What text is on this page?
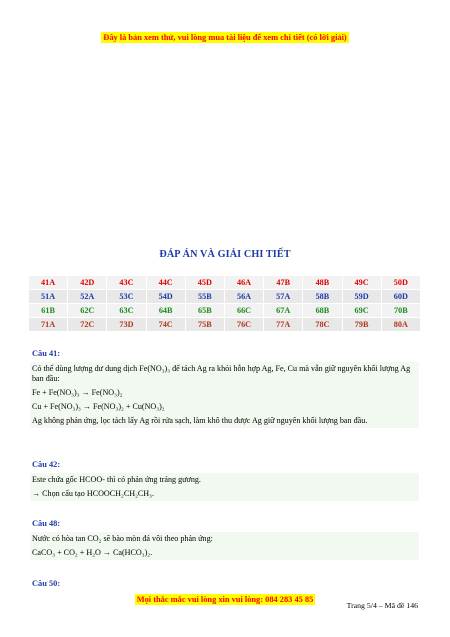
Đây là bản xem thử, vui lòng mua tài liệu để xem chi tiết (có lời giải)
ĐÁP ÁN VÀ GIẢI CHI TIẾT
41A	42D	43C	44C	45D	46A	47B	48B	49C	50D
51A	52A	53C	54D	55B	56A	57A	58B	59D	60D
61B	62C	63C	64B	65B	66C	67A	68B	69C	70B
71A	72C	73D	74C	75B	76C	77A	78C	79B	80A
Câu 41:

Có thể dùng lượng dư dung dịch Fe(NO₃)₃ để tách Ag ra khỏi hỗn hợp Ag, Fe, Cu mà vẫn giữ nguyên khối lượng Ag ban đầu:

Fe + Fe(NO₃)₃ → Fe(NO₃)₂

Cu + Fe(NO₃)₃ → Fe(NO₃)₂ + Cu(NO₃)₂

Ag không phản ứng, lọc tách lấy Ag rồi rửa sạch, làm khô thu được Ag giữ nguyên khối lượng ban đầu.

Câu 42:

Este chứa gốc HCOO- thì có phản ứng tráng gương.

→ Chọn cấu tạo HCOOCH₂CH₂CH₃.

Câu 48:

Nước có hòa tan CO₂ sẽ bào mòn đá vôi theo phản ứng:

CaCO₃ + CO₂ + H₂O → Ca(HCO₃)₂.

Câu 50:
Mọi thắc mắc vui lòng xin vui lòng: 084 283 45 85
Trang 5/4 – Mã đề 146
